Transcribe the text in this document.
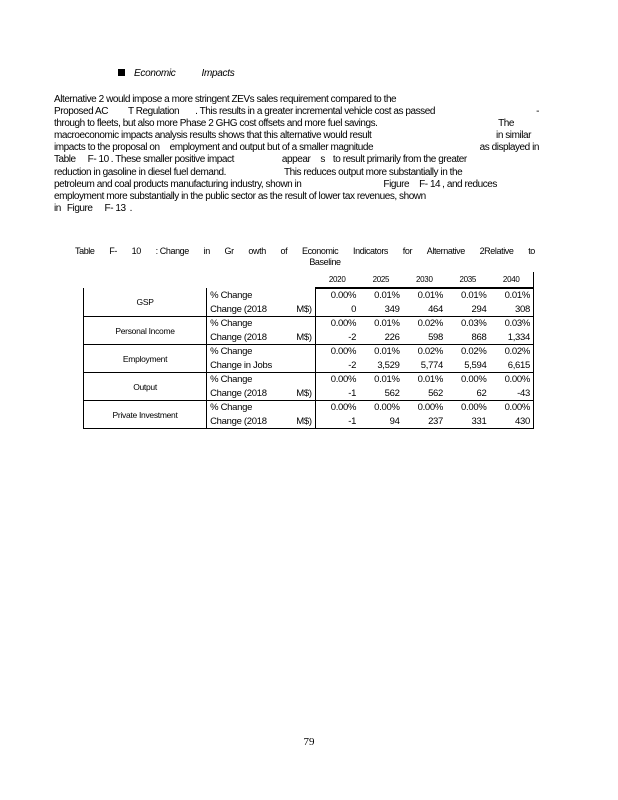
Economic	Impacts
Alternative 2 would impose a more stringent ZEVs sales requirement compared to the
Proposed AC T Regulation . This results in a greater incremental vehicle cost as passed	-
through to fleets, but also more Phase 2 GHG cost offsets and more fuel savings.	The
macroeconomic impacts analysis results shows that this alternative would result	in similar
impacts to the proposal on employment and output but of a smaller magnitude	as displayed in
Table F- 10 . These smaller positive impact	appear s to result primarily from the greater
reduction in gasoline in diesel fuel demand.	This reduces output more substantially in the
petroleum and coal products manufacturing industry, shown in	Figure F- 14 , and reduces
employment more substantially in the public sector as the result of lower tax revenues, shown
in Figure F- 13 .
Table F- 10 : Change in Gr owth of Economic Indicators for Alternative 2Relative to
Baseline
		2020	2025	2030	2035	2040
GSP	% Change	0.00%	0.01%	0.01%	0.01%	0.01%

	Change (2018 M$)	0	349	464	294	308
Personal Income	% Change	0.00%	0.01%	0.02%	0.03%	0.03%

	Change (2018 M$)	-2	226	598	868	1,334
Employment	% Change	0.00%	0.01%	0.02%	0.02%	0.02%

	Change in Jobs	-2	3,529	5,774	5,594	6,615
Output	% Change	0.00%	0.01%	0.01%	0.00%	0.00%

	Change (2018 M$)	-1	562	562	62	-43
Private Investment	% Change	0.00%	0.00%	0.00%	0.00%	0.00%

	Change (2018 M$)	-1	94	237	331	430
79
